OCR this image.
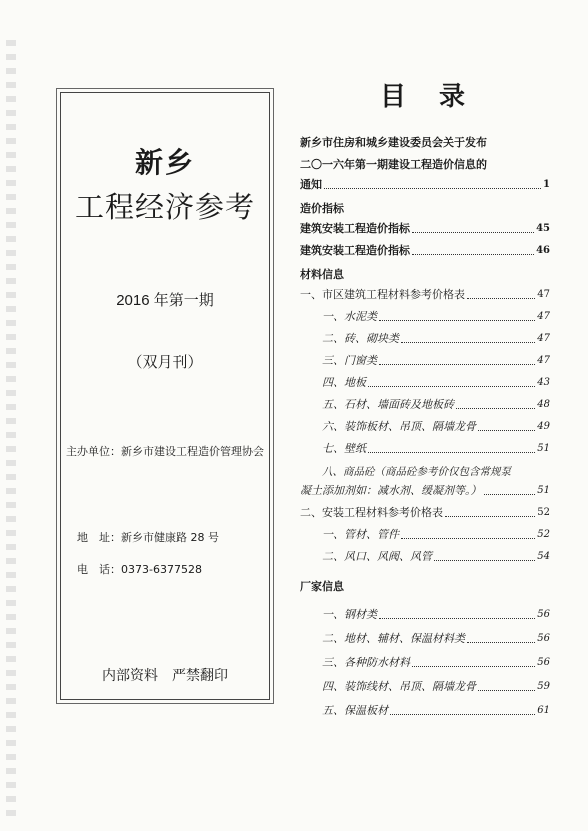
新乡
工程经济参考
2016 年第一期
（双月刊）
主办单位：新乡市建设工程造价管理协会
地　址：新乡市健康路 28 号
电　话：0373-6377528
内部资料　严禁翻印
目 录
新乡市住房和城乡建设委员会关于发布
二〇一六年第一期建设工程造价信息的
通知	1
造价指标
建筑安装工程造价指标	45
建筑安装工程造价指标	46
材料信息
一、市区建筑工程材料参考价格表	47
一、水泥类	47
二、砖、砌块类	47
三、门窗类	47
四、地板	43
五、石材、墙面砖及地板砖	48
六、装饰板材、吊顶、隔墙龙骨	49
七、壁纸	51
八、商品砼（商品砼参考价仅包含常规泵
凝土添加剂如：减水剂、缓凝剂等。）	51
二、安装工程材料参考价格表	52
一、管材、管件	52
二、风口、风阀、风管	54
厂家信息
一、钢材类	56
二、地材、辅材、保温材料类	56
三、各种防水材料	56
四、装饰线材、吊顶、隔墙龙骨	59
五、保温板材	61
